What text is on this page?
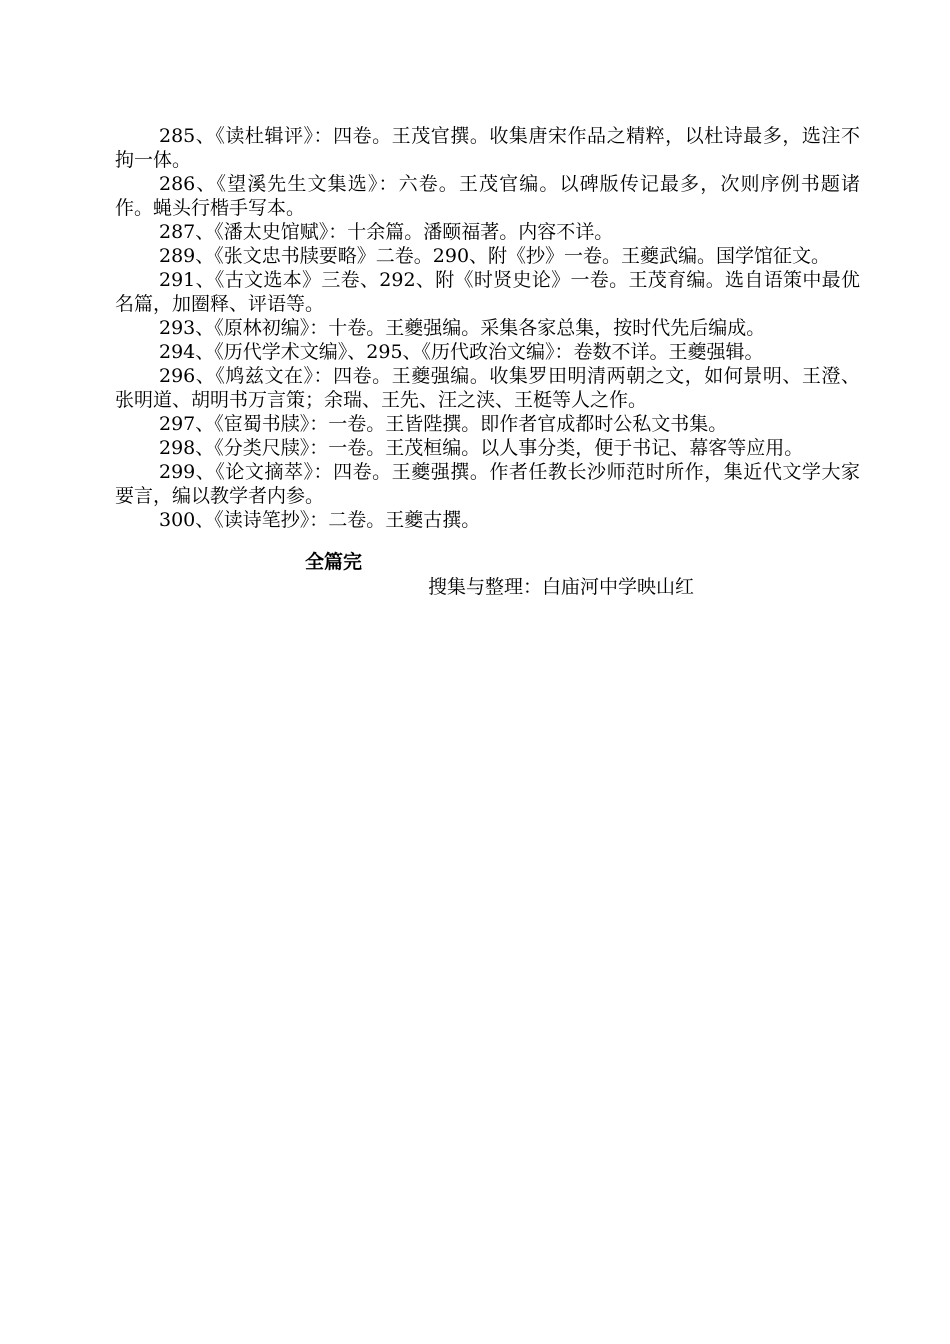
285、《读杜辑评》：四卷。王茂官撰。收集唐宋作品之精粹，以杜诗最多，选注不拘一体。

286、《望溪先生文集选》：六卷。王茂官编。以碑版传记最多，次则序例书题诸作。蝇头行楷手写本。

287、《潘太史馆赋》：十余篇。潘颐福著。内容不详。

289、《张文忠书牍要略》二卷。290、附《抄》一卷。王夔武编。国学馆征文。

291、《古文选本》三卷、292、附《时贤史论》一卷。王茂育编。选自语策中最优名篇，加圈释、评语等。

293、《原林初编》：十卷。王夔强编。采集各家总集，按时代先后编成。

294、《历代学术文编》、295、《历代政治文编》：卷数不详。王夔强辑。

296、《鸠兹文在》：四卷。王夔强编。收集罗田明清两朝之文，如何景明、王澄、张明道、胡明书万言策；余瑞、王先、汪之浃、王梃等人之作。

297、《宦蜀书牍》：一卷。王皆陛撰。即作者官成都时公私文书集。

298、《分类尺牍》：一卷。王茂桓编。以人事分类，便于书记、幕客等应用。

299、《论文摘萃》：四卷。王夔强撰。作者任教长沙师范时所作，集近代文学大家要言，编以教学者内参。

300、《读诗笔抄》：二卷。王夔古撰。

全篇完
搜集与整理：白庙河中学映山红
